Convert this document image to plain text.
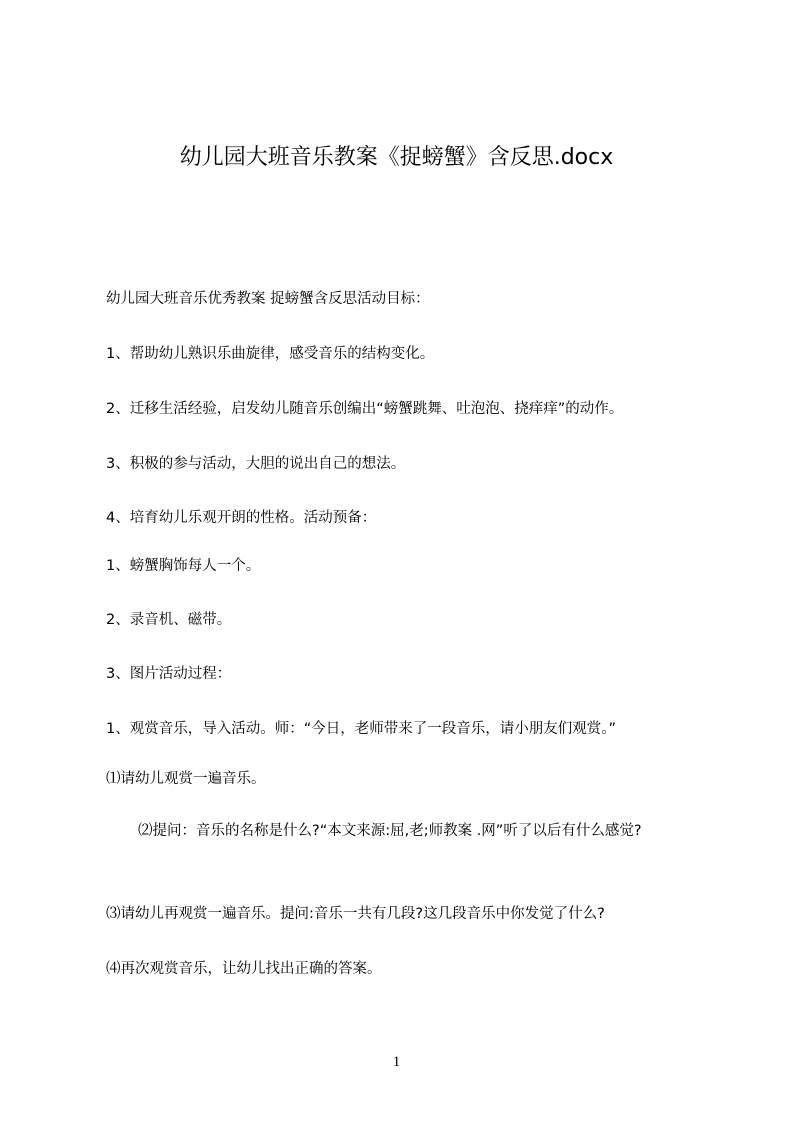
幼儿园大班音乐教案《捉螃蟹》含反思.docx
幼儿园大班音乐优秀教案 捉螃蟹含反思活动目标：
1、帮助幼儿熟识乐曲旋律，感受音乐的结构变化。
2、迁移生活经验，启发幼儿随音乐创编出“螃蟹跳舞、吐泡泡、挠痒痒”的动作。
3、积极的参与活动，大胆的说出自己的想法。
4、培育幼儿乐观开朗的性格。活动预备：
1、螃蟹胸饰每人一个。
2、录音机、磁带。
3、图片活动过程：
1、观赏音乐，导入活动。师：“今日，老师带来了一段音乐，请小朋友们观赏。”
⑴请幼儿观赏一遍音乐。
⑵提问：音乐的名称是什么?“本文来源:屈,老;师教案 .网”听了以后有什么感觉?
⑶请幼儿再观赏一遍音乐。提问:音乐一共有几段?这几段音乐中你发觉了什么?
⑷再次观赏音乐，让幼儿找出正确的答案。
1
